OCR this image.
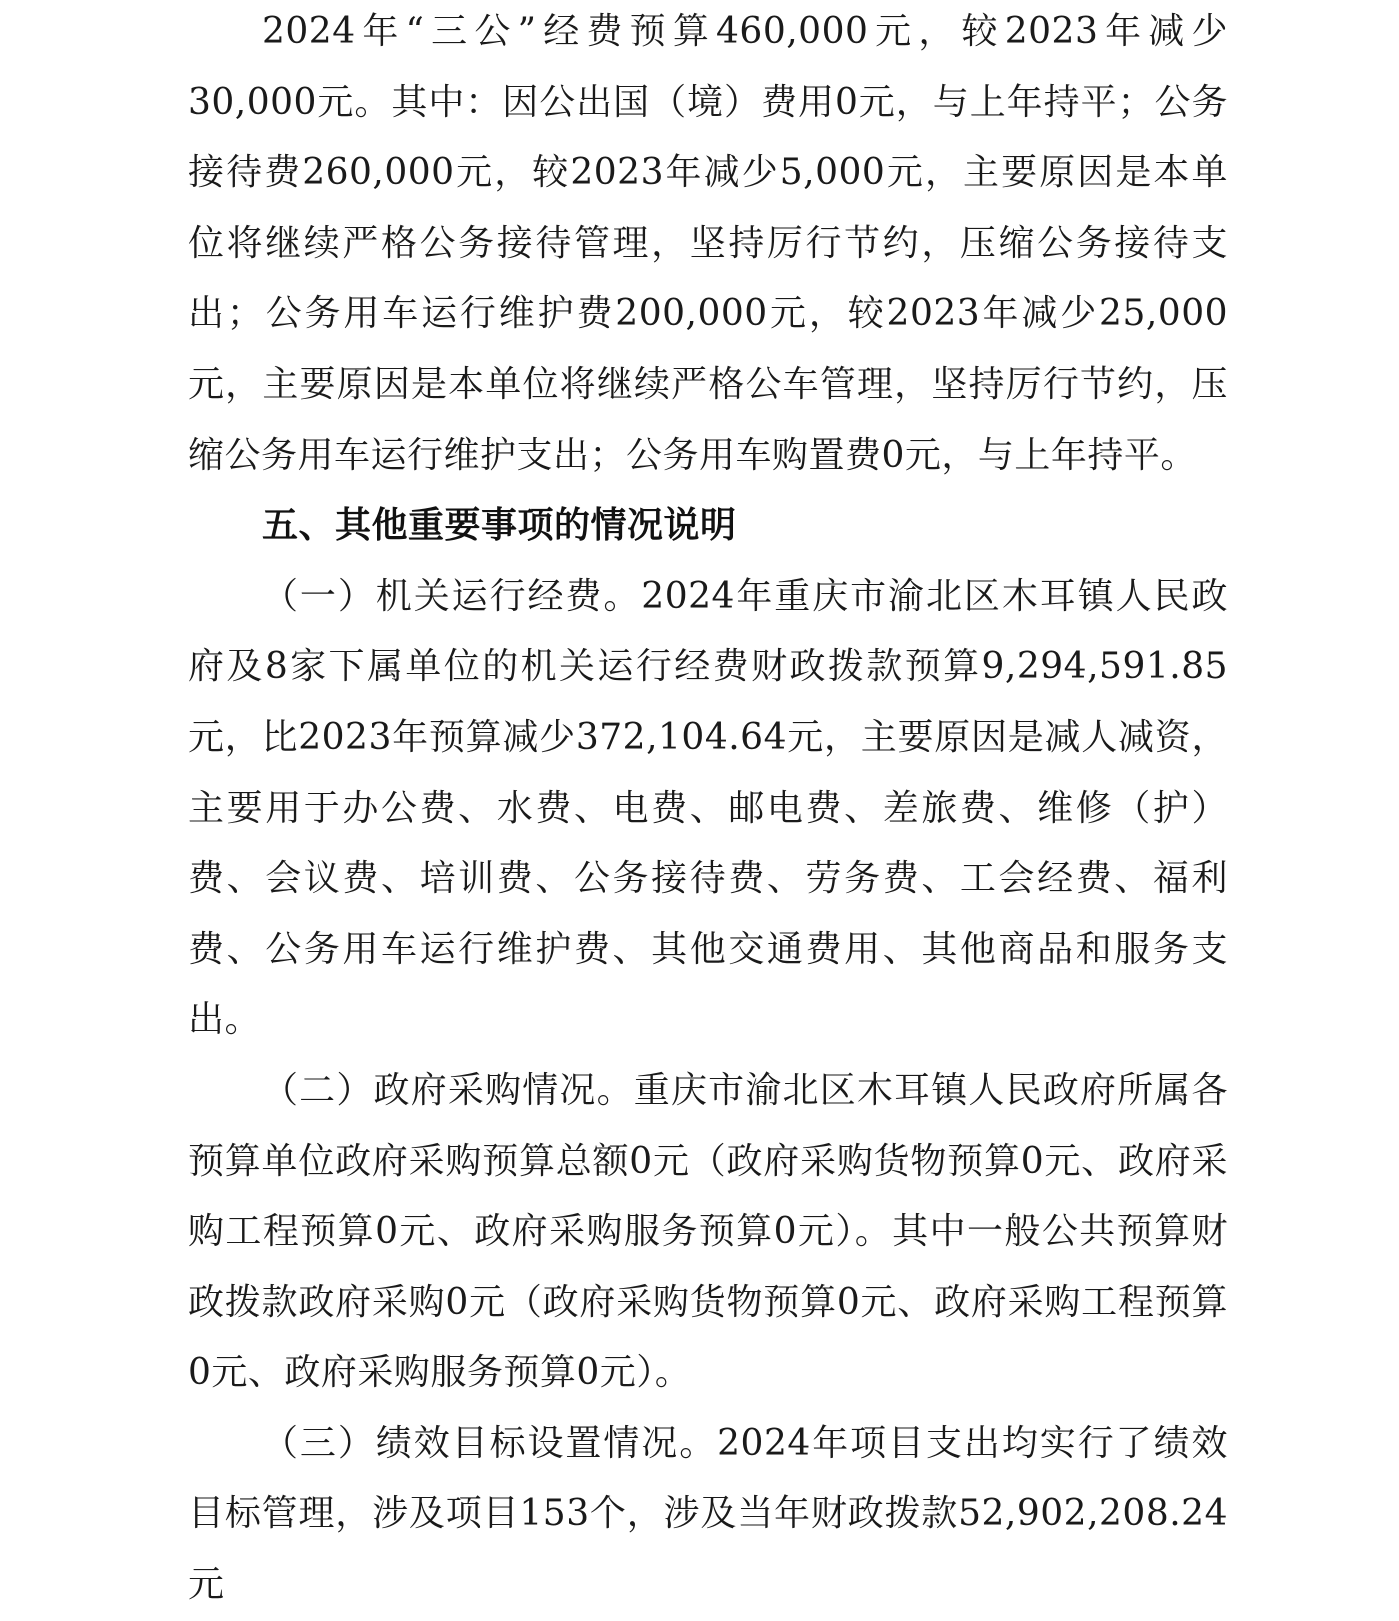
2024年“三公”经费预算460,000元，较2023年减少30,000元。其中：因公出国（境）费用0元，与上年持平；公务接待费260,000元，较2023年减少5,000元，主要原因是本单位将继续严格公务接待管理，坚持厉行节约，压缩公务接待支出；公务用车运行维护费200,000元，较2023年减少25,000元，主要原因是本单位将继续严格公车管理，坚持厉行节约，压缩公务用车运行维护支出；公务用车购置费0元，与上年持平。

五、其他重要事项的情况说明

（一）机关运行经费。2024年重庆市渝北区木耳镇人民政府及8家下属单位的机关运行经费财政拨款预算9,294,591.85元，比2023年预算减少372,104.64元，主要原因是减人减资，主要用于办公费、水费、电费、邮电费、差旅费、维修（护）费、会议费、培训费、公务接待费、劳务费、工会经费、福利费、公务用车运行维护费、其他交通费用、其他商品和服务支出。

（二）政府采购情况。重庆市渝北区木耳镇人民政府所属各预算单位政府采购预算总额0元（政府采购货物预算0元、政府采购工程预算0元、政府采购服务预算0元）。其中一般公共预算财政拨款政府采购0元（政府采购货物预算0元、政府采购工程预算0元、政府采购服务预算0元）。

（三）绩效目标设置情况。2024年项目支出均实行了绩效目标管理，涉及项目153个，涉及当年财政拨款52,902,208.24元
